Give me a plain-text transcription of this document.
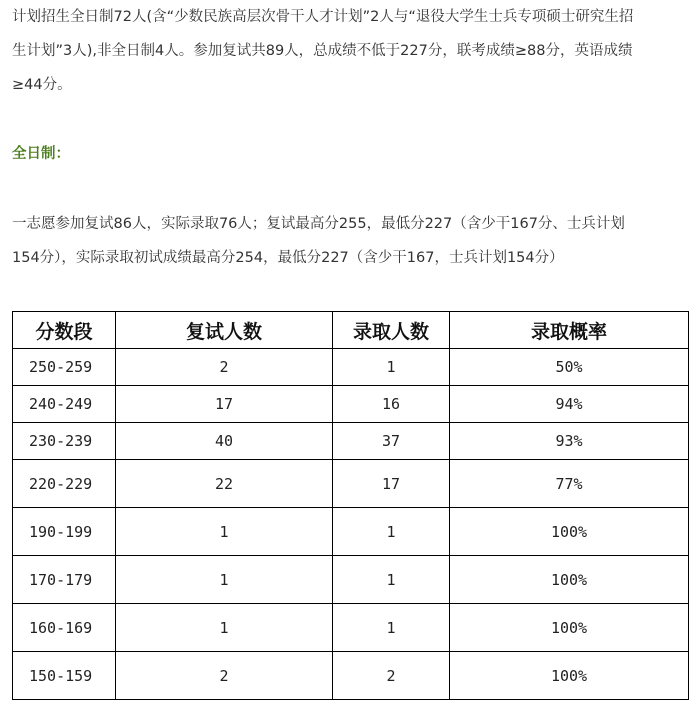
计划招生全日制72人(含“少数民族高层次骨干人才计划”2人与“退役大学生士兵专项硕士研究生招
生计划”3人),非全日制4人。参加复试共89人，总成绩不低于227分，联考成绩≥88分，英语成绩
≥44分。
全日制：
一志愿参加复试86人，实际录取76人；复试最高分255，最低分227（含少干167分、士兵计划
154分），实际录取初试成绩最高分254，最低分227（含少干167，士兵计划154分）
分数段	复试人数	录取人数	录取概率
250-259	2	1	50%
240-249	17	16	94%
230-239	40	37	93%
220-229	22	17	77%
190-199	1	1	100%
170-179	1	1	100%
160-169	1	1	100%
150-159	2	2	100%
